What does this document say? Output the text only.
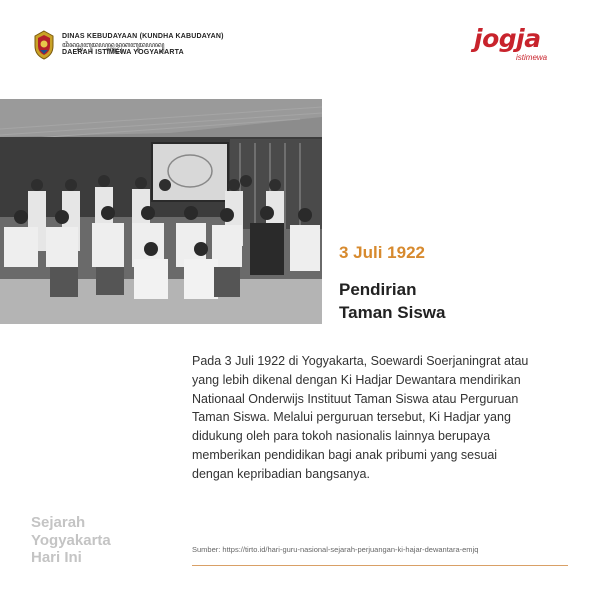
DINAS KEBUDAYAAN (KUNDHA KABUDAYAN)
ꦢꦶꦤꦱ꧀ꦏꦧꦸꦢꦪꦤ꧀ꦏꦸꦤ꧀ꦝꦏꦧꦸꦢꦪꦤ꧀
DAERAH ISTIMEWA YOGYAKARTA	jogja
istimewa
3 Juli 1922
Pendirian
Taman Siswa
Pada 3 Juli 1922 di Yogyakarta, Soewardi Soerjaningrat atau
yang lebih dikenal dengan Ki Hadjar Dewantara mendirikan
Nationaal Onderwijs Instituut Taman Siswa atau Perguruan
Taman Siswa. Melalui perguruan tersebut, Ki Hadjar yang
didukung oleh para tokoh nasionalis lainnya berupaya
memberikan pendidikan bagi anak pribumi yang sesuai
dengan kepribadian bangsanya.
Sejarah
Yogyakarta
Hari Ini	Sumber: https://tirto.id/hari-guru-nasional-sejarah-perjuangan-ki-hajar-dewantara-emjq
